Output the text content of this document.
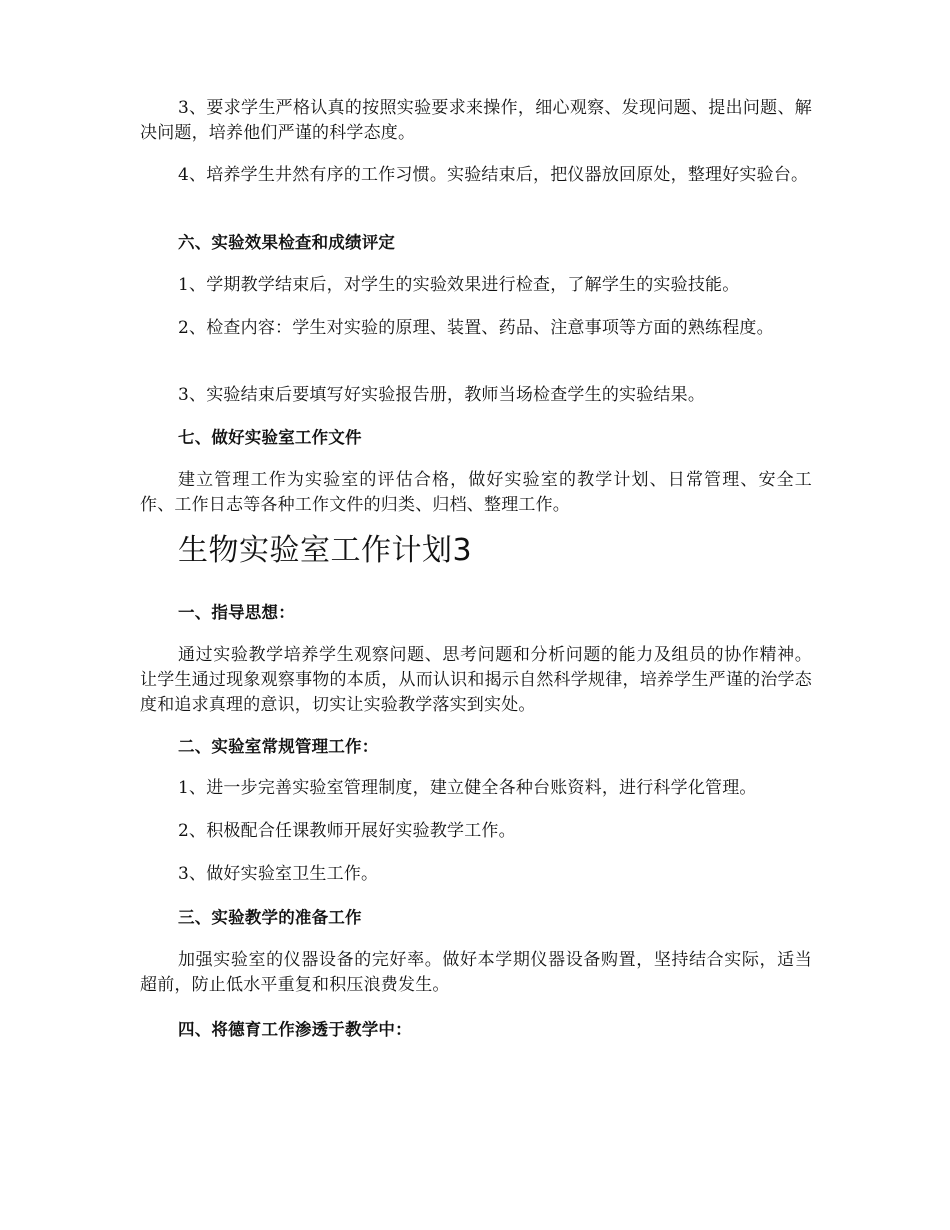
3、要求学生严格认真的按照实验要求来操作，细心观察、发现问题、提出问题、解决问题，培养他们严谨的科学态度。
4、培养学生井然有序的工作习惯。实验结束后，把仪器放回原处，整理好实验台。
六、实验效果检查和成绩评定
1、学期教学结束后，对学生的实验效果进行检查，了解学生的实验技能。
2、检查内容：学生对实验的原理、装置、药品、注意事项等方面的熟练程度。
3、实验结束后要填写好实验报告册，教师当场检查学生的实验结果。
七、做好实验室工作文件
建立管理工作为实验室的评估合格，做好实验室的教学计划、日常管理、安全工作、工作日志等各种工作文件的归类、归档、整理工作。
生物实验室工作计划3
一、指导思想：
通过实验教学培养学生观察问题、思考问题和分析问题的能力及组员的协作精神。让学生通过现象观察事物的本质，从而认识和揭示自然科学规律，培养学生严谨的治学态度和追求真理的意识，切实让实验教学落实到实处。
二、实验室常规管理工作：
1、进一步完善实验室管理制度，建立健全各种台账资料，进行科学化管理。
2、积极配合任课教师开展好实验教学工作。
3、做好实验室卫生工作。
三、实验教学的准备工作
加强实验室的仪器设备的完好率。做好本学期仪器设备购置，坚持结合实际，适当超前，防止低水平重复和积压浪费发生。
四、将德育工作渗透于教学中：
